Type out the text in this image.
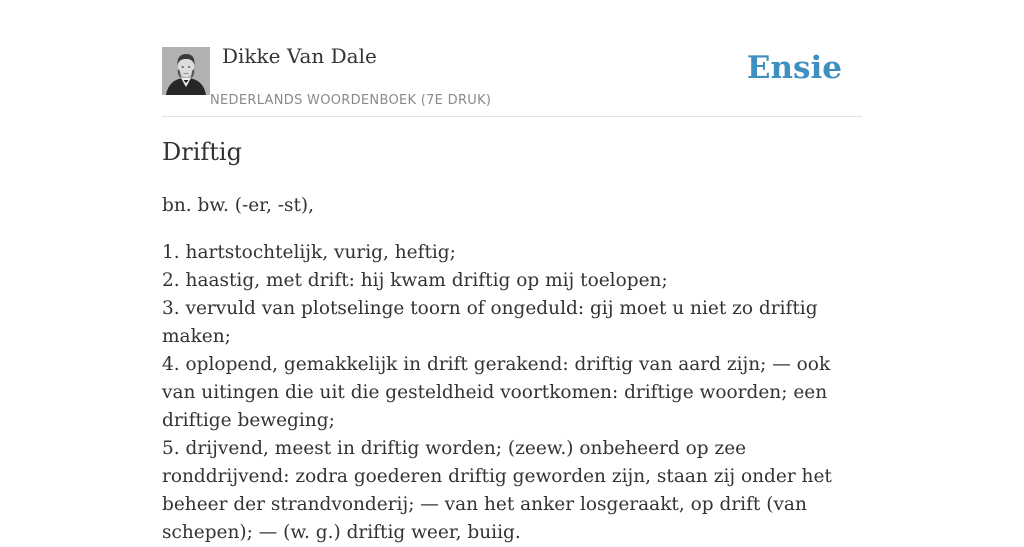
Dikke Van Dale
NEDERLANDS WOORDENBOEK (7E DRUK)
Ensie
Driftig

bn. bw. (-er, -st),

1. hartstochtelijk, vurig, heftig;

2. haastig, met drift: hij kwam driftig op mij toelopen;

3. vervuld van plotselinge toorn of ongeduld: gij moet u niet zo driftig maken;

4. oplopend, gemakkelijk in drift gerakend: driftig van aard zijn; — ook van uitingen die uit die gesteldheid voortkomen: driftige woorden; een driftige beweging;

5. drijvend, meest in driftig worden; (zeew.) onbeheerd op zee ronddrijvend: zodra goederen driftig geworden zijn, staan zij onder het beheer der strandvonderij; — van het anker losgeraakt, op drift (van schepen); — (w. g.) driftig weer, buiig.
